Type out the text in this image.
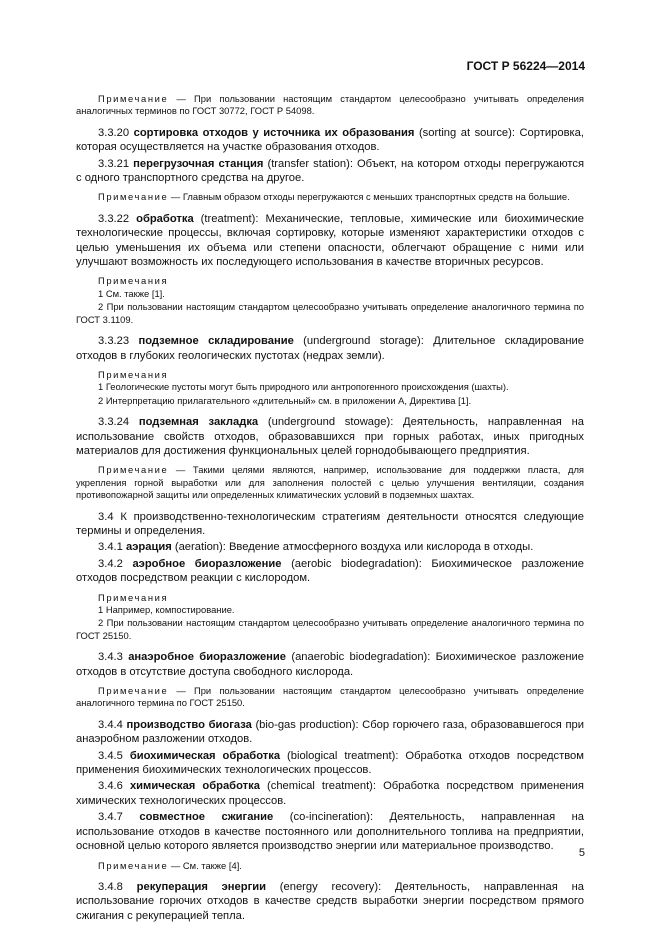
ГОСТ Р 56224—2014

Примечание — При пользовании настоящим стандартом целесообразно учитывать определения аналогичных терминов по ГОСТ 30772, ГОСТ Р 54098.

3.3.20 сортировка отходов у источника их образования (sorting at source): Сортировка, которая осуществляется на участке образования отходов.

3.3.21 перегрузочная станция (transfer station): Объект, на котором отходы перегружаются с одного транспортного средства на другое.

Примечание — Главным образом отходы перегружаются с меньших транспортных средств на большие.

3.3.22 обработка (treatment): Механические, тепловые, химические или биохимические технологические процессы, включая сортировку, которые изменяют характеристики отходов с целью уменьшения их объема или степени опасности, облегчают обращение с ними или улучшают возможность их последующего использования в качестве вторичных ресурсов.

Примечания

1 См. также [1].

2 При пользовании настоящим стандартом целесообразно учитывать определение аналогичного термина по ГОСТ 3.1109.

3.3.23 подземное складирование (underground storage): Длительное складирование отходов в глубоких геологических пустотах (недрах земли).

Примечания

1 Геологические пустоты могут быть природного или антропогенного происхождения (шахты).

2 Интерпретацию прилагательного «длительный» см. в приложении А, Директива [1].

3.3.24 подземная закладка (underground stowage): Деятельность, направленная на использование свойств отходов, образовавшихся при горных работах, иных пригодных материалов для достижения функциональных целей горнодобывающего предприятия.

Примечание — Такими целями являются, например, использование для поддержки пласта, для укрепления горной выработки или для заполнения полостей с целью улучшения вентиляции, создания противопожарной защиты или определенных климатических условий в подземных шахтах.

3.4 К производственно-технологическим стратегиям деятельности относятся следующие термины и определения.

3.4.1 аэрация (aeration): Введение атмосферного воздуха или кислорода в отходы.

3.4.2 аэробное биоразложение (aerobic biodegradation): Биохимическое разложение отходов посредством реакции с кислородом.

Примечания

1 Например, компостирование.

2 При пользовании настоящим стандартом целесообразно учитывать определение аналогичного термина по ГОСТ 25150.

3.4.3 анаэробное биоразложение (anaerobic biodegradation): Биохимическое разложение отходов в отсутствие доступа свободного кислорода.

Примечание — При пользовании настоящим стандартом целесообразно учитывать определение аналогичного термина по ГОСТ 25150.

3.4.4 производство биогаза (bio-gas production): Сбор горючего газа, образовавшегося при анаэробном разложении отходов.

3.4.5 биохимическая обработка (biological treatment): Обработка отходов посредством применения биохимических технологических процессов.

3.4.6 химическая обработка (chemical treatment): Обработка посредством применения химических технологических процессов.

3.4.7 совместное сжигание (co-incineration): Деятельность, направленная на использование отходов в качестве постоянного или дополнительного топлива на предприятии, основной целью которого является производство энергии или материальное производство.

Примечание — См. также [4].

3.4.8 рекуперация энергии (energy recovery): Деятельность, направленная на использование горючих отходов в качестве средств выработки энергии посредством прямого сжигания с рекуперацией тепла.

5
